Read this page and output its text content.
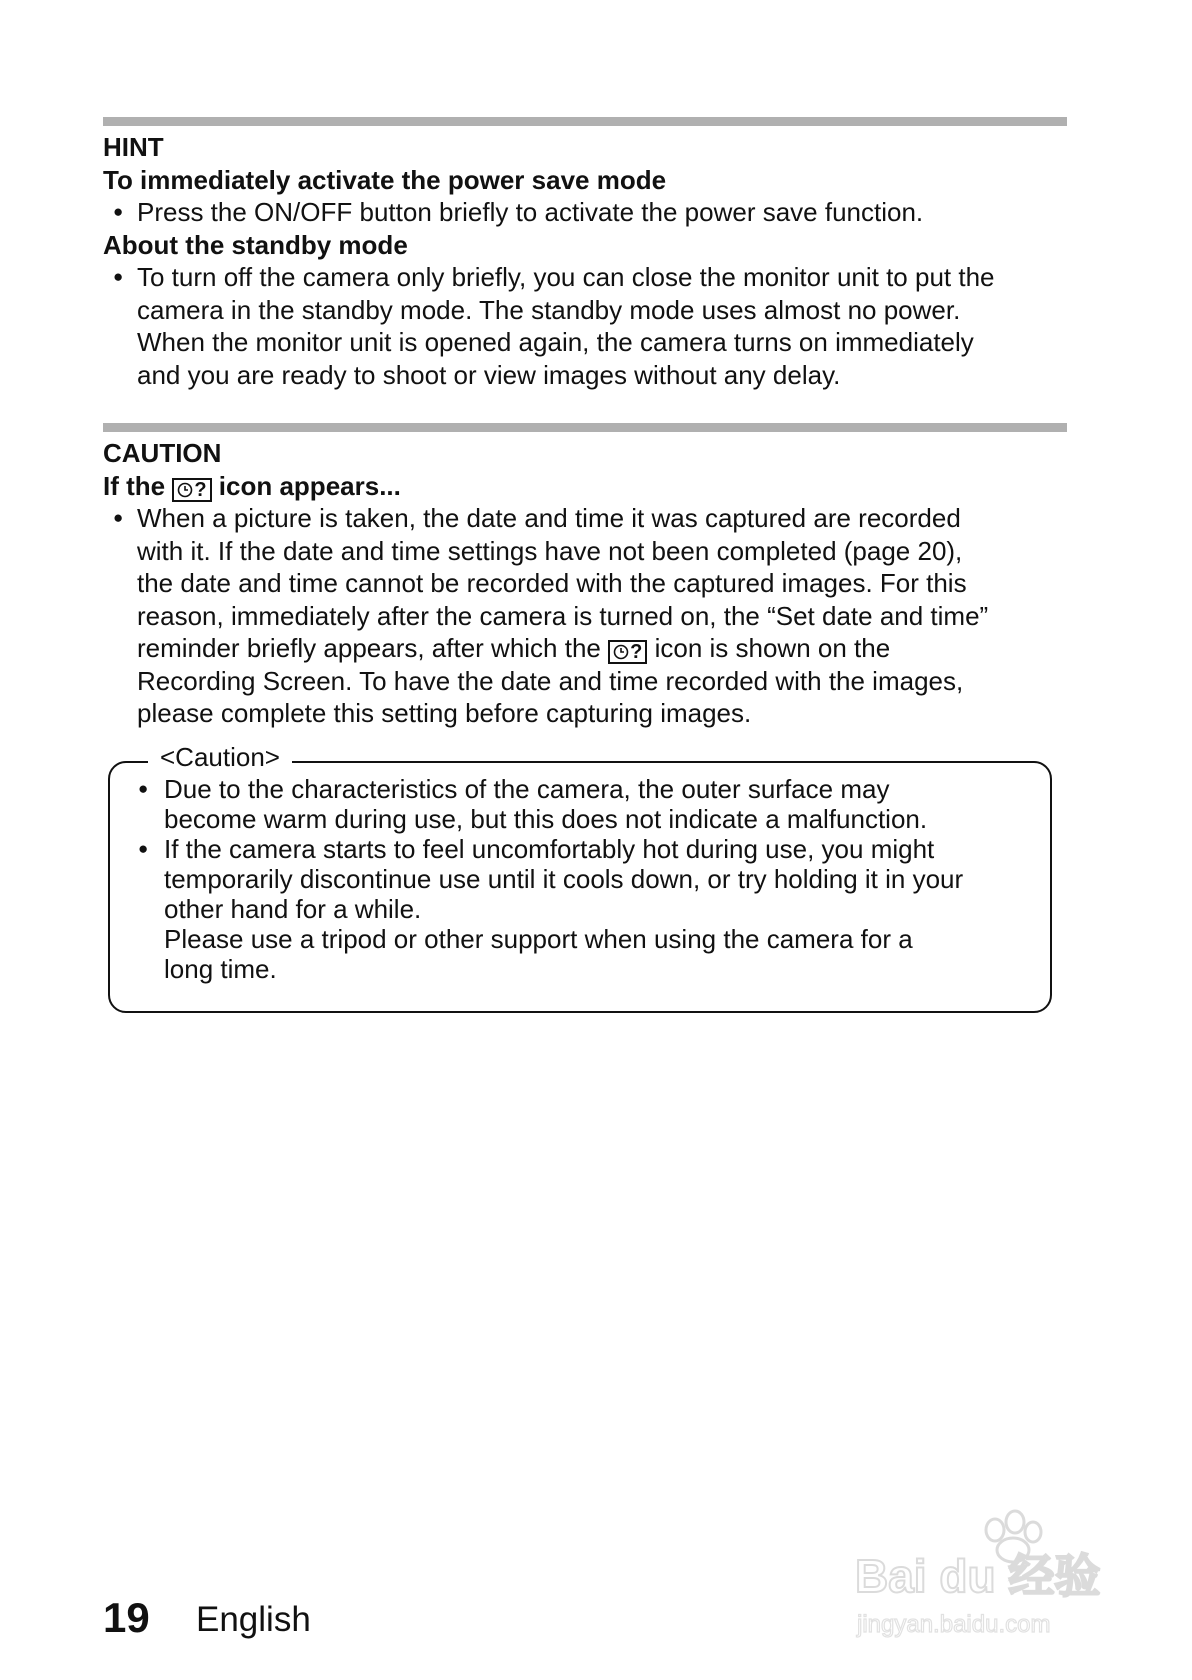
HINT

To immediately activate the power save mode

● Press the ON/OFF button briefly to activate the power save function.

About the standby mode

● To turn off the camera only briefly, you can close the monitor unit to put the
camera in the standby mode. The standby mode uses almost no power.
When the monitor unit is opened again, the camera turns on immediately
and you are ready to shoot or view images without any delay.

CAUTION

If the ? icon appears...

● When a picture is taken, the date and time it was captured are recorded
with it. If the date and time settings have not been completed (page 20),
the date and time cannot be recorded with the captured images. For this
reason, immediately after the camera is turned on, the “Set date and time”
reminder briefly appears, after which the ? icon is shown on the
Recording Screen. To have the date and time recorded with the images,
please complete this setting before capturing images.
<Caution>
● Due to the characteristics of the camera, the outer surface may
become warm during use, but this does not indicate a malfunction.
● If the camera starts to feel uncomfortably hot during use, you might
temporarily discontinue use until it cools down, or try holding it in your
other hand for a while.
Please use a tripod or other support when using the camera for a
long time.
19 English
Bai du 经验
jingyan.baidu.com
